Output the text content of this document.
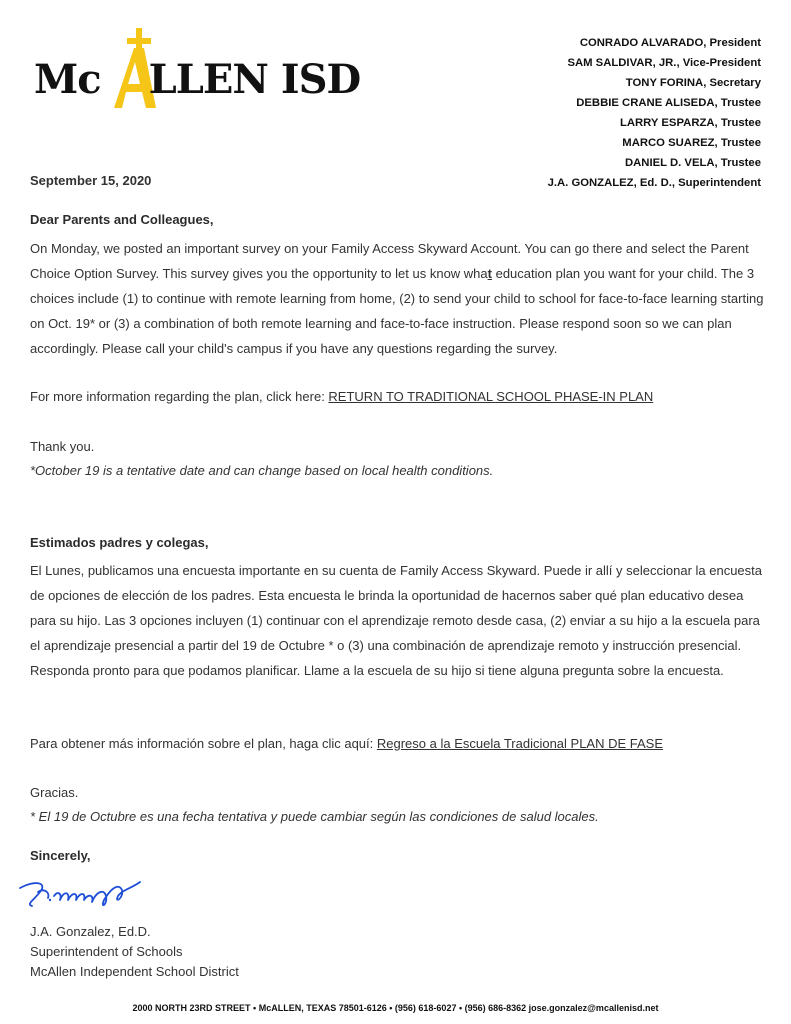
Mc LLEN ISD
CONRADO ALVARADO, President
SAM SALDIVAR, JR., Vice-President
TONY FORINA, Secretary
DEBBIE CRANE ALISEDA, Trustee
LARRY ESPARZA, Trustee
MARCO SUAREZ, Trustee
DANIEL D. VELA, Trustee
J.A. GONZALEZ, Ed. D., Superintendent
September 15, 2020
Dear Parents and Colleagues,
On Monday, we posted an important survey on your Family Access Skyward Account. You can go there and select the Parent Choice Option Survey. This survey gives you the opportunity to let us know what education plan you want for your child. The 3 choices include (1) to continue with remote learning from home, (2) to send your child to school for face-to-face learning starting on Oct. 19* or (3) a combination of both remote learning and face-to-face instruction. Please respond soon so we can plan accordingly. Please call your child's campus if you have any questions regarding the survey.
For more information regarding the plan, click here: RETURN TO TRADITIONAL SCHOOL PHASE-IN PLAN
Thank you.
*October 19 is a tentative date and can change based on local health conditions.
Estimados padres y colegas,
El Lunes, publicamos una encuesta importante en su cuenta de Family Access Skyward. Puede ir allí y seleccionar la encuesta de opciones de elección de los padres. Esta encuesta le brinda la oportunidad de hacernos saber qué plan educativo desea para su hijo. Las 3 opciones incluyen (1) continuar con el aprendizaje remoto desde casa, (2) enviar a su hijo a la escuela para el aprendizaje presencial a partir del 19 de Octubre * o (3) una combinación de aprendizaje remoto y instrucción presencial. Responda pronto para que podamos planificar. Llame a la escuela de su hijo si tiene alguna pregunta sobre la encuesta.
Para obtener más información sobre el plan, haga clic aquí: Regreso a la Escuela Tradicional PLAN DE FASE
Gracias.
* El 19 de Octubre es una fecha tentativa y puede cambiar según las condiciones de salud locales.
Sincerely,
J.A. Gonzalez, Ed.D.
Superintendent of Schools
McAllen Independent School District
2000 NORTH 23RD STREET • McALLEN, TEXAS 78501-6126 • (956) 618-6027 • (956) 686-8362 jose.gonzalez@mcallenisd.net
